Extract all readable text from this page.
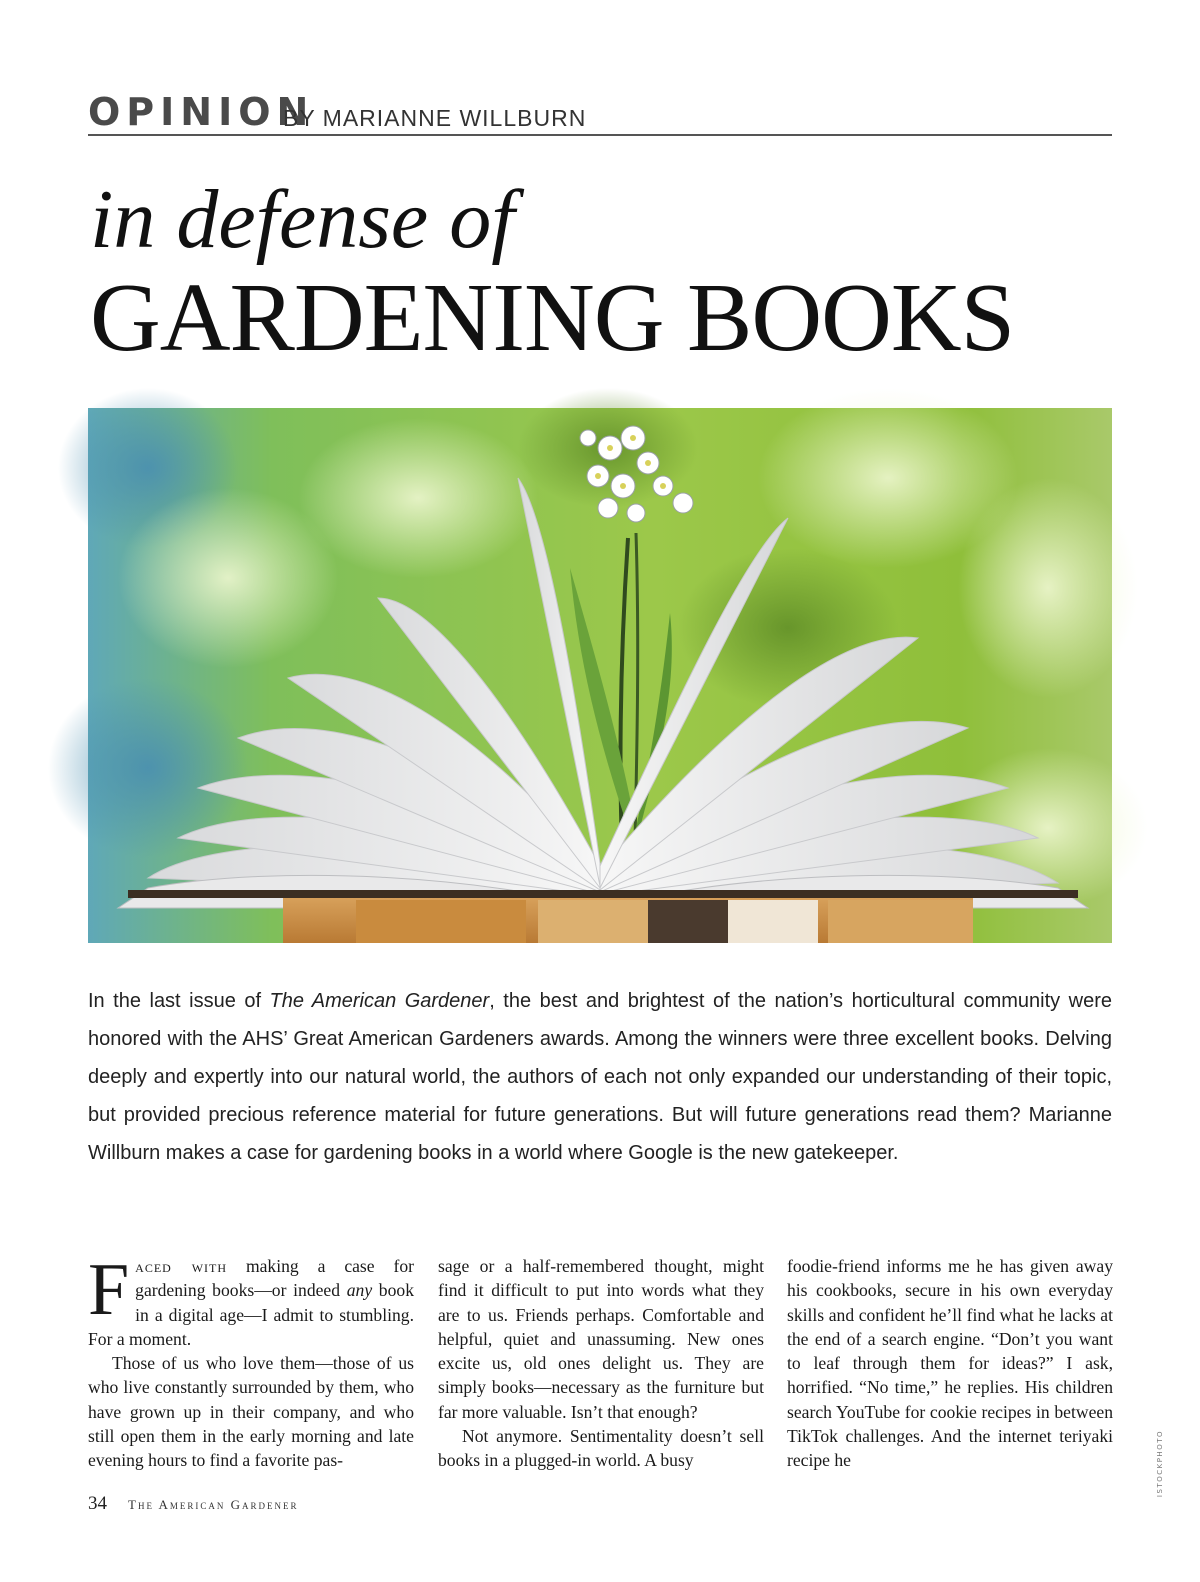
OPINION
BY MARIANNE WILLBURN
in defense of
GARDENING BOOKS
ISTOCKPHOTO

In the last issue of The American Gardener, the best and brightest of the nation’s horticultural community were honored with the AHS’ Great American Gardeners awards. Among the winners were three excellent books. Delving deeply and expertly into our natural world, the authors of each not only expanded our understanding of their topic, but provided precious reference material for future generations. But will future generations read them? Marianne Willburn makes a case for gardening books in a world where Google is the new gatekeeper.

Faced with making a case for gardening books—or indeed any book in a digital age—I admit to stumbling. For a moment.

Those of us who love them—those of us who live constantly surrounded by them, who have grown up in their company, and who still open them in the early morning and late evening hours to find a favorite pas-

sage or a half-remembered thought, might find it difficult to put into words what they are to us. Friends perhaps. Comfortable and helpful, quiet and unassuming. New ones excite us, old ones delight us. They are simply books—necessary as the furniture but far more valuable. Isn’t that enough?

Not anymore. Sentimentality doesn’t sell books in a plugged-in world. A busy

foodie-friend informs me he has given away his cookbooks, secure in his own everyday skills and confident he’ll find what he lacks at the end of a search engine. “Don’t you want to leaf through them for ideas?” I ask, horrified. “No time,” he replies. His children search YouTube for cookie recipes in between TikTok challenges. And the internet teriyaki recipe he

34 The American Gardener
